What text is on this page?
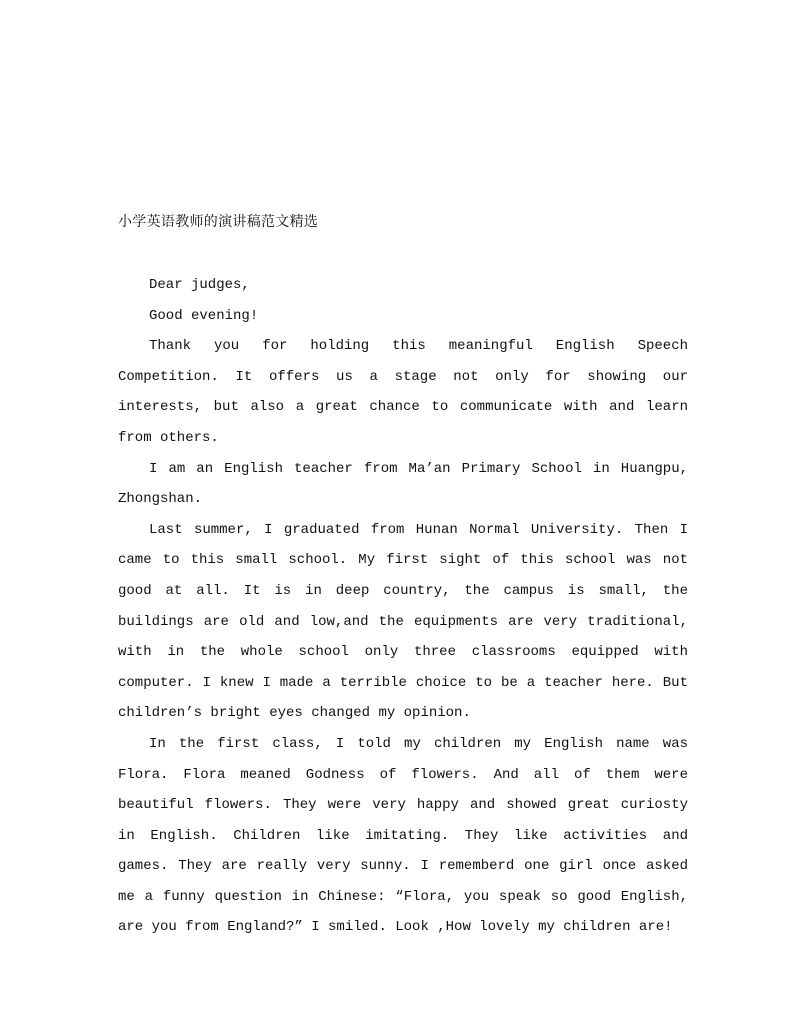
小学英语教师的演讲稿范文精选

Dear judges,

Good evening!

Thank you for holding this meaningful English Speech Competition. It offers us a stage not only for showing our interests, but also a great chance to communicate with and learn from others.

I am an English teacher from Ma’an Primary School in Huangpu, Zhongshan.

Last summer, I graduated from Hunan Normal University. Then I came to this small school. My first sight of this school was not good at all. It is in deep country, the campus is small, the buildings are old and low,and the equipments are very traditional, with in the whole school only three classrooms equipped with computer. I knew I made a terrible choice to be a teacher here. But children’s bright eyes changed my opinion.

In the first class, I told my children my English name was Flora. Flora meaned Godness of flowers. And all of them were beautiful flowers. They were very happy and showed great curiosty in English. Children like imitating. They like activities and games. They are really very sunny. I rememberd one girl once asked me a funny question in Chinese: “Flora, you speak so good English, are you from England?” I smiled. Look ,How lovely my children are!
